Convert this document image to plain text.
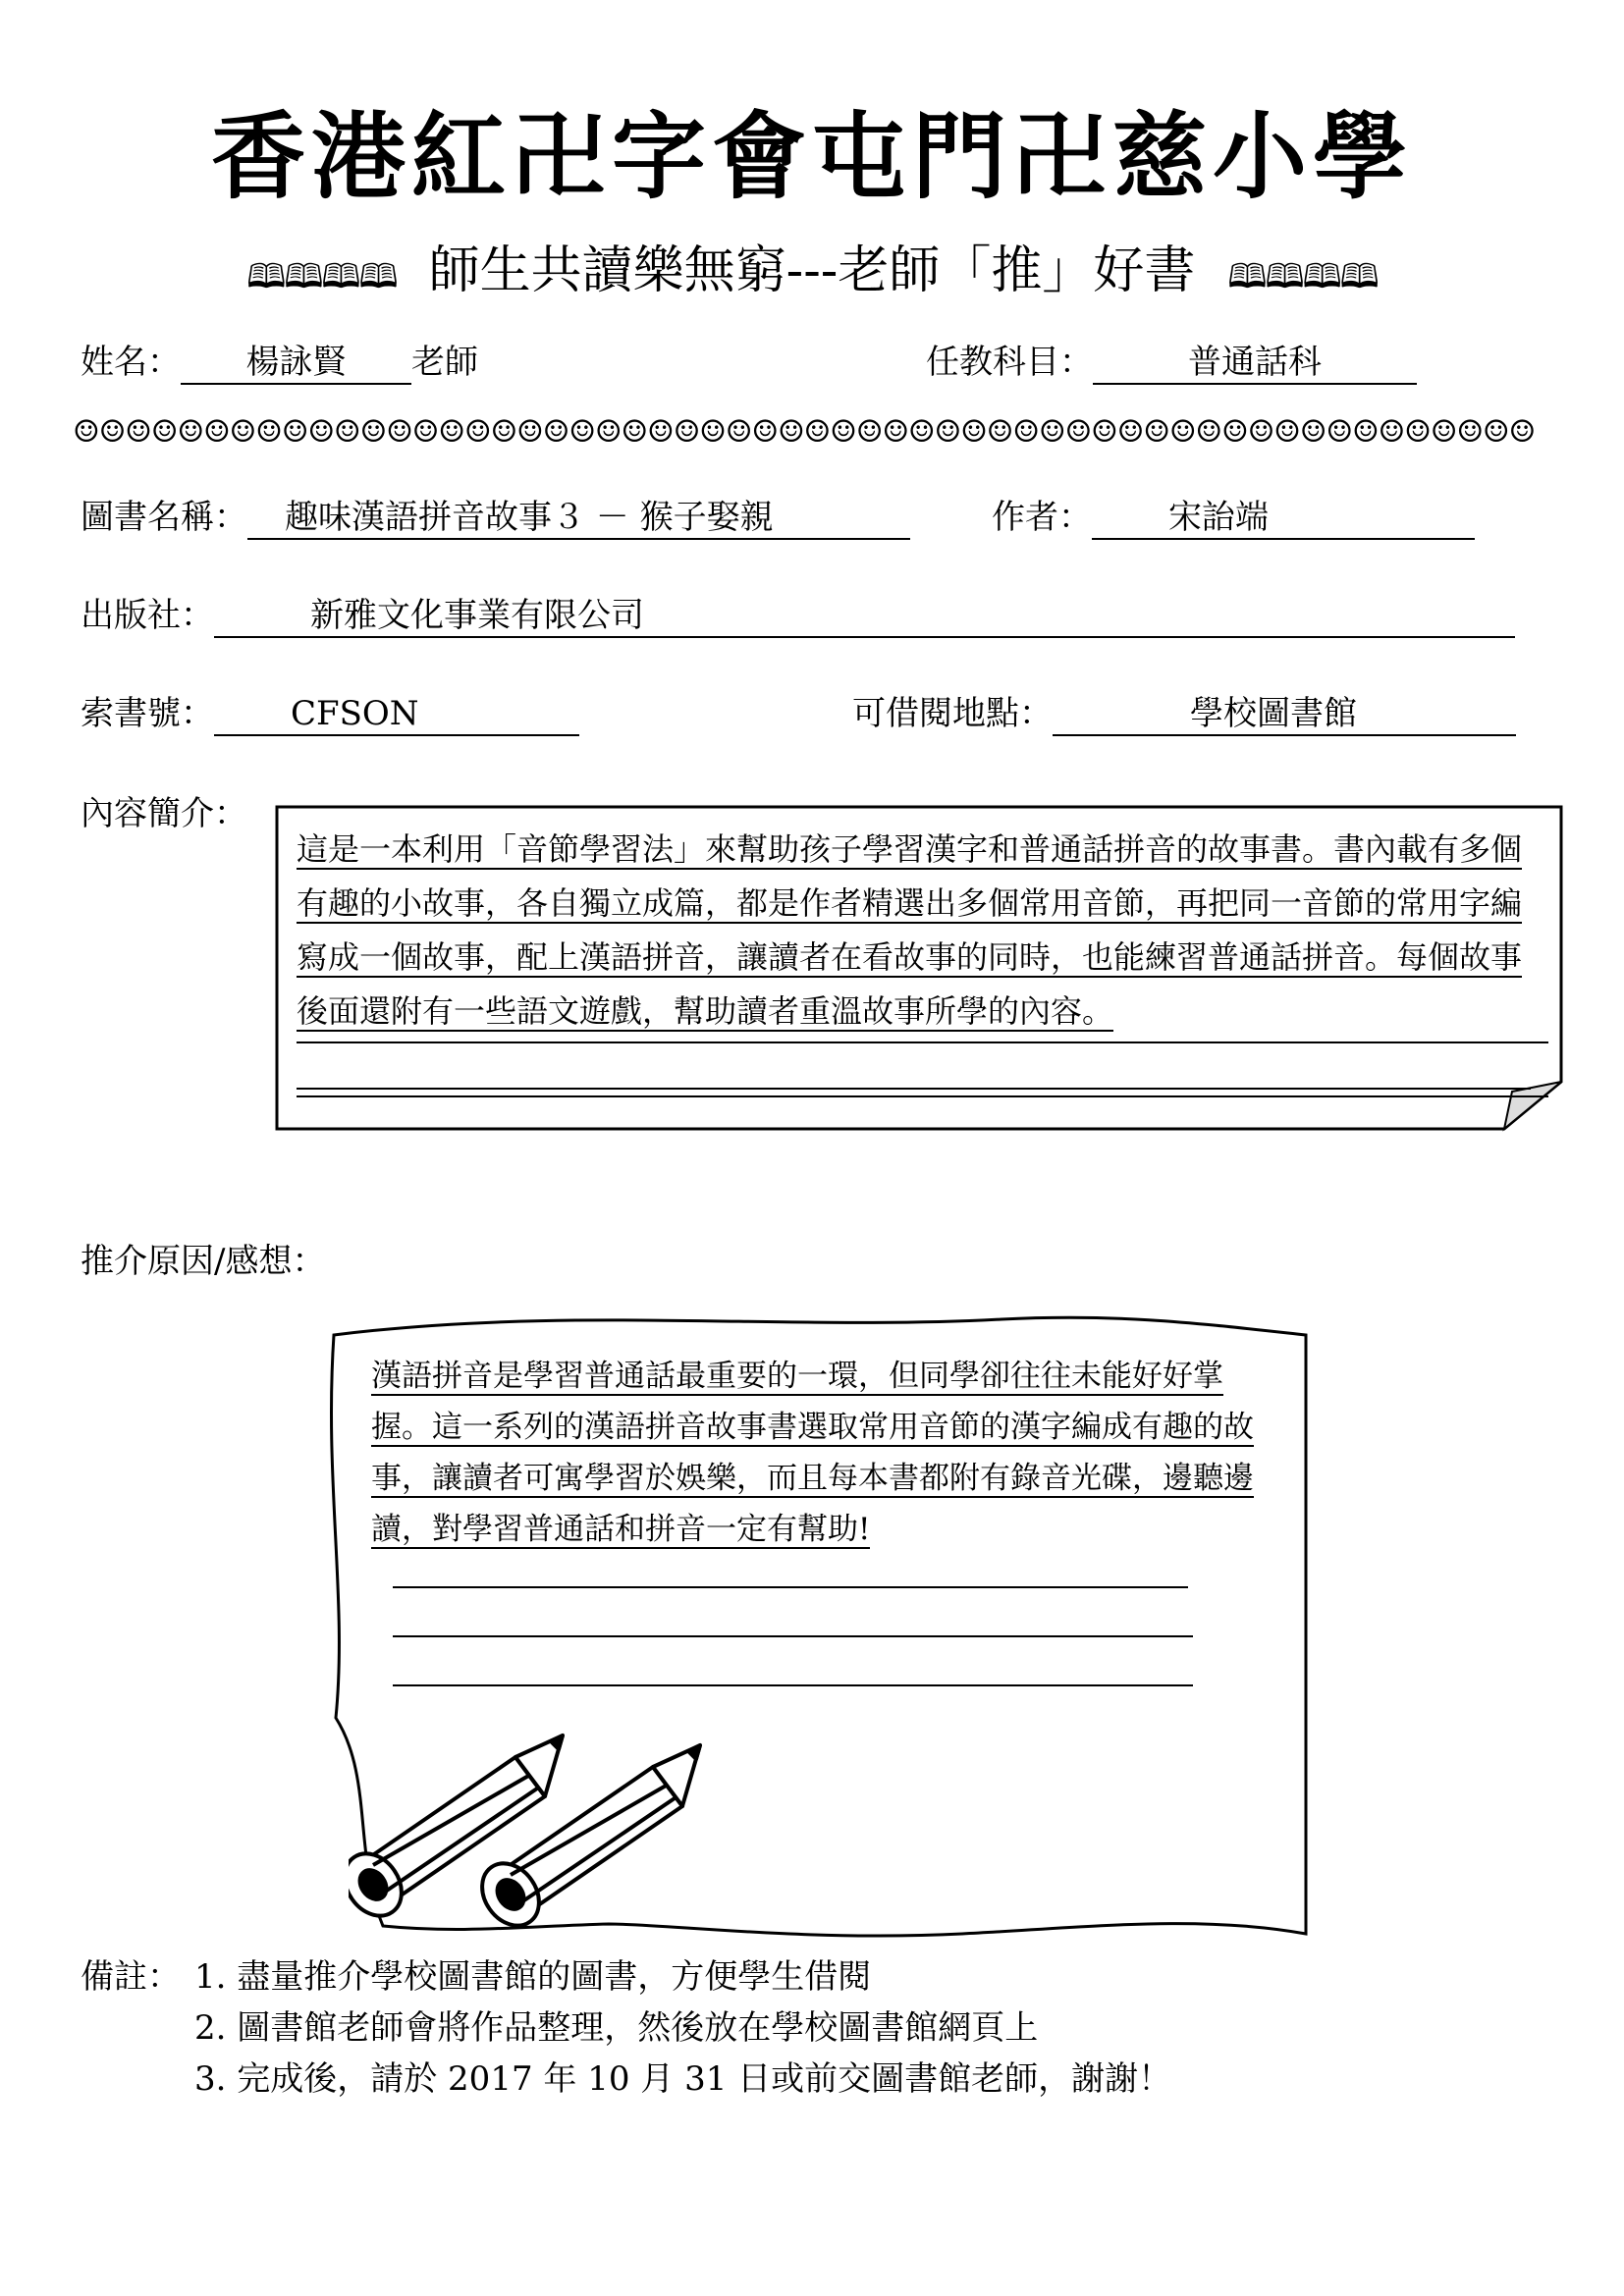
香港紅卍字會屯門卍慈小學
🕮🕮🕮🕮 師生共讀樂無窮---老師「推」好書 🕮🕮🕮🕮
姓名： 楊詠賢 老師	任教科目：	普通話科
☺☺☺☺☺☺☺☺☺☺☺☺☺☺☺☺☺☺☺☺☺☺☺☺☺☺☺☺☺☺☺☺☺☺☺☺☺☺☺☺☺☺☺☺☺☺☺☺☺☺☺☺☺☺☺☺
圖書名稱： 趣味漢語拼音故事３ － 猴子娶親	作者： 宋詒端
出版社：	新雅文化事業有限公司
索書號： CFSON	可借閱地點：	學校圖書館
內容簡介：
這是一本利用「音節學習法」來幫助孩子學習漢字和普通話拼音的故事書。書內載有多個有趣的小故事，各自獨立成篇，都是作者精選出多個常用音節，再把同一音節的常用字編寫成一個故事，配上漢語拼音，讓讀者在看故事的同時，也能練習普通話拼音。每個故事後面還附有一些語文遊戲，幫助讀者重溫故事所學的內容。
推介原因/感想：
漢語拼音是學習普通話最重要的一環，但同學卻往往未能好好掌握。這一系列的漢語拼音故事書選取常用音節的漢字編成有趣的故事，讓讀者可寓學習於娛樂，而且每本書都附有錄音光碟，邊聽邊讀，對學習普通話和拼音一定有幫助!
備註： 1. 盡量推介學校圖書館的圖書，方便學生借閱
2. 圖書館老師會將作品整理，然後放在學校圖書館網頁上
3. 完成後，請於 2017 年 10 月 31 日或前交圖書館老師，謝謝！
